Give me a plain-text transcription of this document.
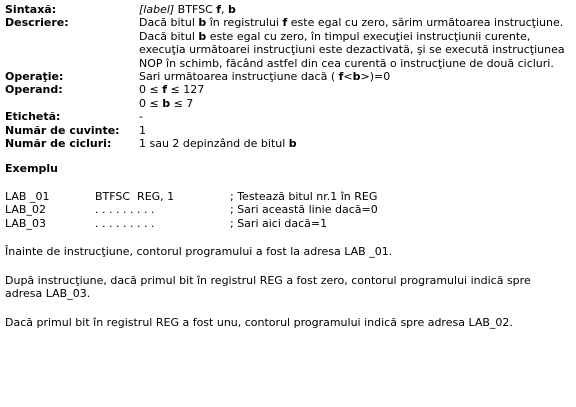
Sintaxă:	[label] BTFSC f, b
Descriere:	Dacă bitul b în registrului f este egal cu zero, sărim următoarea instrucţiune.

Dacă bitul b este egal cu zero, în timpul execuţiei instrucţiunii curente, execuţia următoarei instrucţiuni este dezactivată, şi se execută instrucţiunea NOP în schimb, făcând astfel din cea curentă o instrucţiune de două cicluri.

Operaţie:	Sari următoarea instrucţiune dacă ( f<b>)=0
Operand:	0 ≤ f ≤ 127

0 ≤ b ≤ 7

Etichetă:	-
Număr de cuvinte:	1
Număr de cicluri:	1 sau 2 depinzând de bitul b
Exemplu
LAB _01	BTFSC  REG, 1	; Testează bitul nr.1 în REG
LAB_02	. . . . . . . . .	; Sari această linie dacă=0
LAB_03	. . . . . . . . .	; Sari aici dacă=1

Înainte de instrucţiune, contorul programului a fost la adresa LAB _01.

După instrucţiune, dacă primul bit în registrul REG a fost zero, contorul programului indică spre adresa LAB_03.

Dacă primul bit în registrul REG a fost unu, contorul programului indică spre adresa LAB_02.
